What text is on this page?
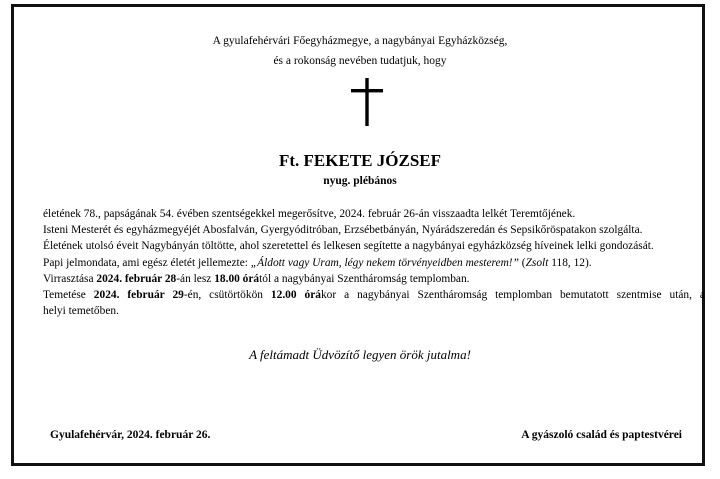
A gyulafehérvári Főegyházmegye, a nagybányai Egyházközség,
és a rokonság nevében tudatjuk, hogy
Ft. FEKETE JÓZSEF
nyug. plébános

életének 78., papságának 54. évében szentségekkel megerősítve, 2024. február 26-án visszaadta lelkét Teremtőjének.

Isteni Mesterét és egyházmegyéjét Abosfalván, Gyergyóditróban, Erzsébetbányán, Nyárádszeredán és Sepsikőröspatakon szolgálta.

Életének utolsó éveit Nagybányán töltötte, ahol szeretettel és lelkesen segítette a nagybányai egyházközség híveinek lelki gondozását.

Papi jelmondata, ami egész életét jellemezte: „Áldott vagy Uram, légy nekem törvényeidben mesterem!” (Zsolt 118, 12).

Virrasztása 2024. február 28-án lesz 18.00 órától a nagybányai Szentháromság templomban.

Temetése 2024. február 29-én, csütörtökön 12.00 órákor a nagybányai Szentháromság templomban bemutatott szentmise után, a

helyi temetőben.

A feltámadt Üdvözítő legyen örök jutalma!
Gyulafehérvár, 2024. február 26.	A gyászoló család és paptestvérei
